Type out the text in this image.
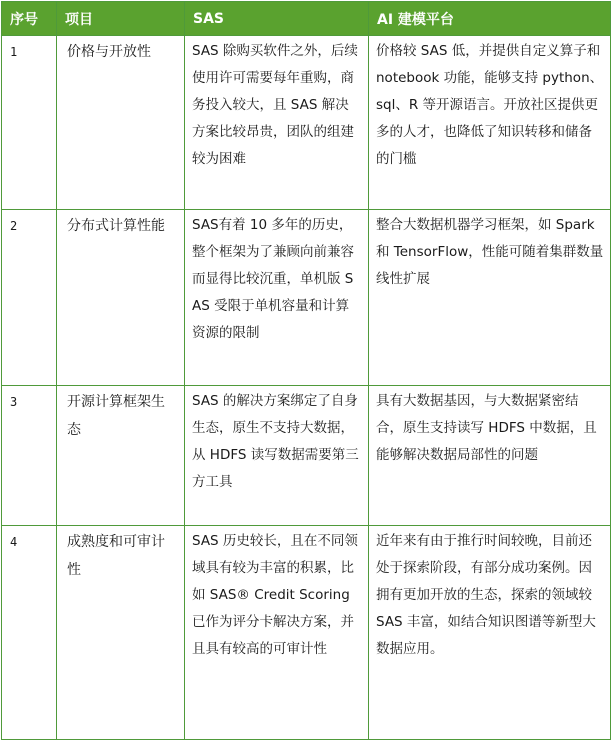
序号	项目	SAS	AI 建模平台
1	价格与开放性	SAS 除购买软件之外，后续使用许可需要每年重购，商务投入较大，且 SAS 解决方案比较昂贵，团队的组建较为困难	价格较 SAS 低，并提供自定义算子和 notebook 功能，能够支持 python、sql、R 等开源语言。开放社区提供更多的人才，也降低了知识转移和储备的门槛
2	分布式计算性能	SAS有着 10 多年的历史，整个框架为了兼顾向前兼容而显得比较沉重，单机版 SAS 受限于单机容量和计算资源的限制	整合大数据机器学习框架，如 Spark 和 TensorFlow，性能可随着集群数量线性扩展
3	开源计算框架生态	SAS 的解决方案绑定了自身生态，原生不支持大数据，从 HDFS 读写数据需要第三方工具	具有大数据基因，与大数据紧密结合，原生支持读写 HDFS 中数据，且能够解决数据局部性的问题
4	成熟度和可审计性	SAS 历史较长，且在不同领域具有较为丰富的积累，比如 SAS® Credit Scoring 已作为评分卡解决方案，并且具有较高的可审计性	近年来有由于推行时间较晚，目前还处于探索阶段，有部分成功案例。因拥有更加开放的生态，探索的领域较 SAS 丰富，如结合知识图谱等新型大数据应用。
